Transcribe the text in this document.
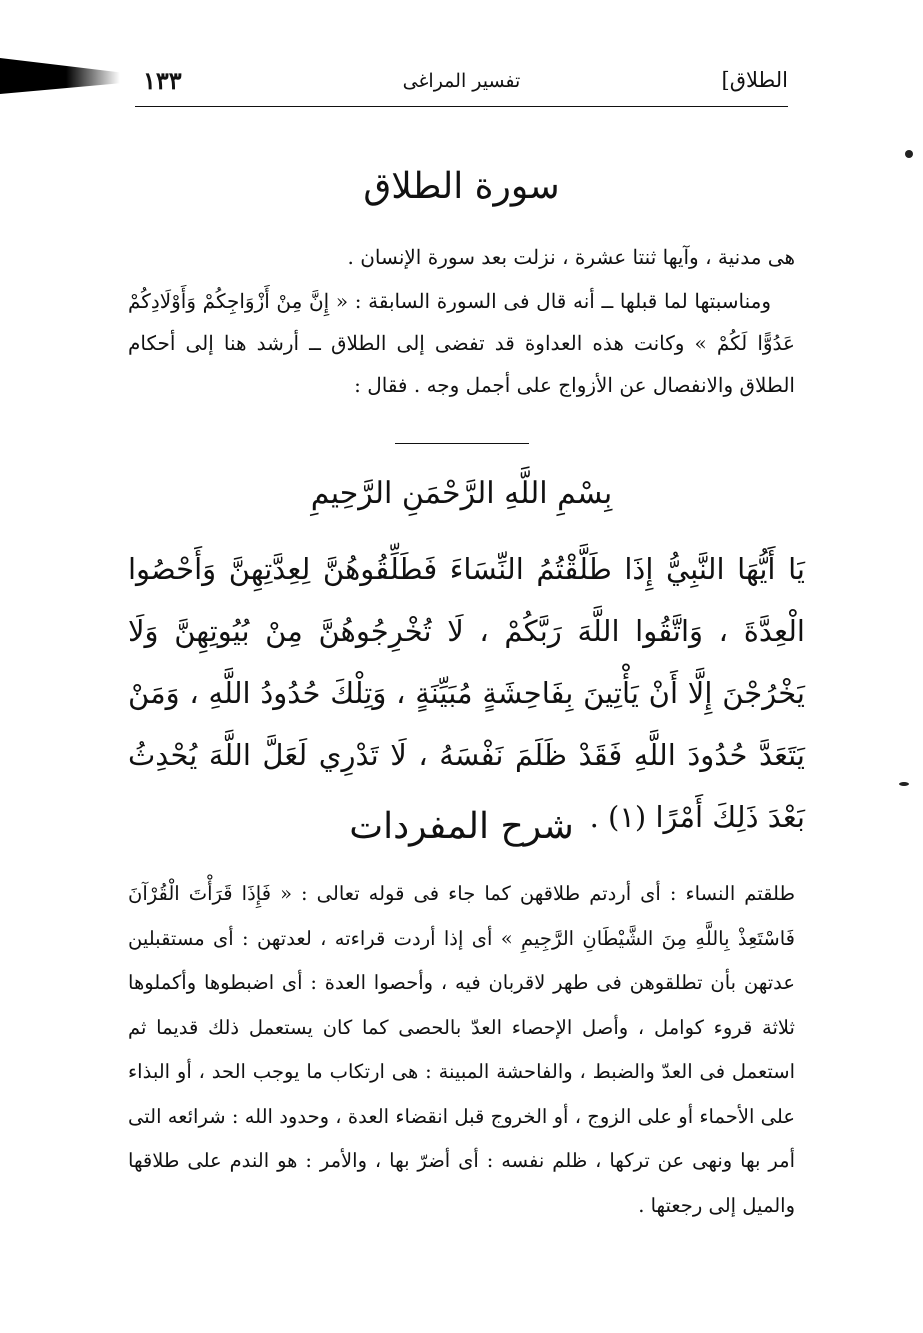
الطلاق]
تفسير المراغى
١٣٣
سورة الطلاق

هى مدنية ، وآيها ثنتا عشرة ، نزلت بعد سورة الإنسان .

ومناسبتها لما قبلها ــ أنه قال فى السورة السابقة : « إِنَّ مِنْ أَزْوَاجِكُمْ وَأَوْلَادِكُمْ عَدُوًّا لَكُمْ » وكانت هذه العداوة قد تفضى إلى الطلاق ــ أرشد هنا إلى أحكام الطلاق والانفصال عن الأزواج على أجمل وجه . فقال :

بِسْمِ اللَّهِ الرَّحْمَنِ الرَّحِيمِ

يَا أَيُّهَا النَّبِيُّ إِذَا طَلَّقْتُمُ النِّسَاءَ فَطَلِّقُوهُنَّ لِعِدَّتِهِنَّ وَأَحْصُوا الْعِدَّةَ ، وَاتَّقُوا اللَّهَ رَبَّكُمْ ، لَا تُخْرِجُوهُنَّ مِنْ بُيُوتِهِنَّ وَلَا يَخْرُجْنَ إِلَّا أَنْ يَأْتِينَ بِفَاحِشَةٍ مُبَيِّنَةٍ ، وَتِلْكَ حُدُودُ اللَّهِ ، وَمَنْ يَتَعَدَّ حُدُودَ اللَّهِ فَقَدْ ظَلَمَ نَفْسَهُ ، لَا تَدْرِي لَعَلَّ اللَّهَ يُحْدِثُ بَعْدَ ذَلِكَ أَمْرًا (١) .

شرح المفردات

طلقتم النساء : أى أردتم طلاقهن كما جاء فى قوله تعالى : « فَإِذَا قَرَأْتَ الْقُرْآنَ فَاسْتَعِذْ بِاللَّهِ مِنَ الشَّيْطَانِ الرَّجِيمِ » أى إذا أردت قراءته ، لعدتهن : أى مستقبلين عدتهن بأن تطلقوهن فى طهر لاقربان فيه ، وأحصوا العدة : أى اضبطوها وأكملوها ثلاثة قروء كوامل ، وأصل الإحصاء العدّ بالحصى كما كان يستعمل ذلك قديما ثم استعمل فى العدّ والضبط ، والفاحشة المبينة : هى ارتكاب ما يوجب الحد ، أو البذاء على الأحماء أو على الزوج ، أو الخروج قبل انقضاء العدة ، وحدود الله : شرائعه التى أمر بها ونهى عن تركها ، ظلم نفسه : أى أضرّ بها ، والأمر : هو الندم على طلاقها والميل إلى رجعتها .
